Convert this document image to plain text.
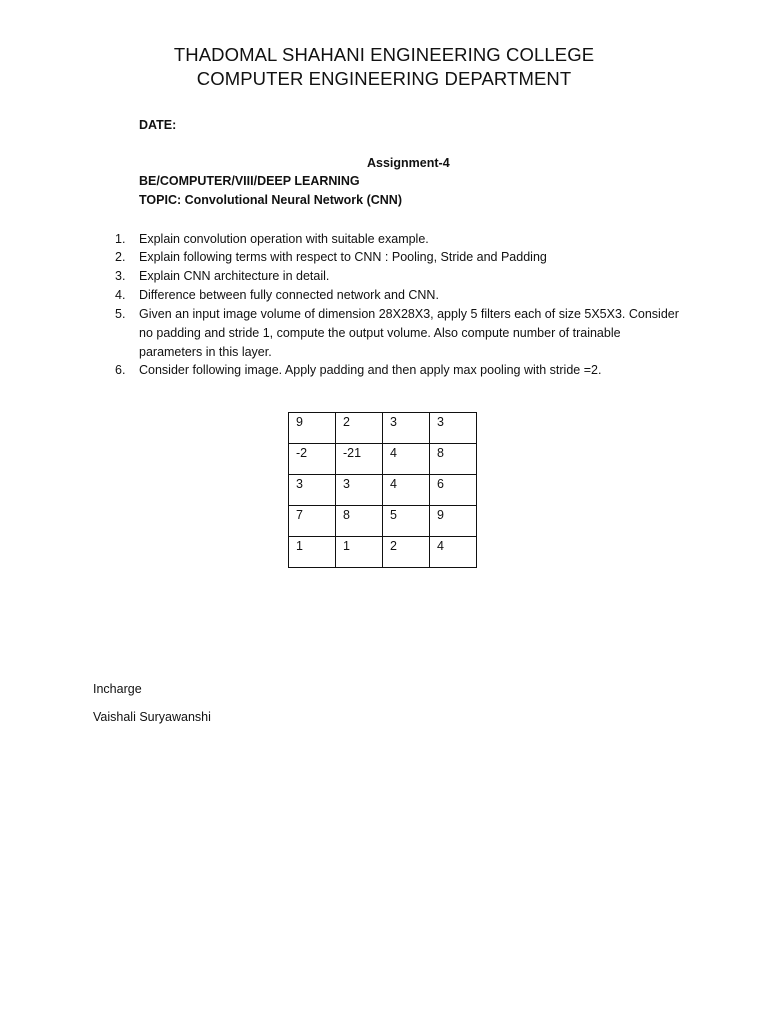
THADOMAL SHAHANI ENGINEERING COLLEGE
COMPUTER ENGINEERING DEPARTMENT
DATE:
Assignment-4
BE/COMPUTER/VIII/DEEP LEARNING
TOPIC: Convolutional Neural Network (CNN)
1.	Explain convolution operation with suitable example.
2.	Explain following terms with respect to CNN : Pooling, Stride and Padding
3.	Explain CNN architecture in detail.
4.	Difference between fully connected network and CNN.
5.	Given an input image volume of dimension 28X28X3, apply 5 filters each of size 5X5X3. Consider no padding and stride 1, compute the output volume. Also compute number of trainable parameters in this layer.
6.	Consider following image. Apply padding and then apply max pooling with stride =2.
9	2	3	3
-2	-21	4	8
3	3	4	6
7	8	5	9
1	1	2	4
Incharge
Vaishali Suryawanshi
